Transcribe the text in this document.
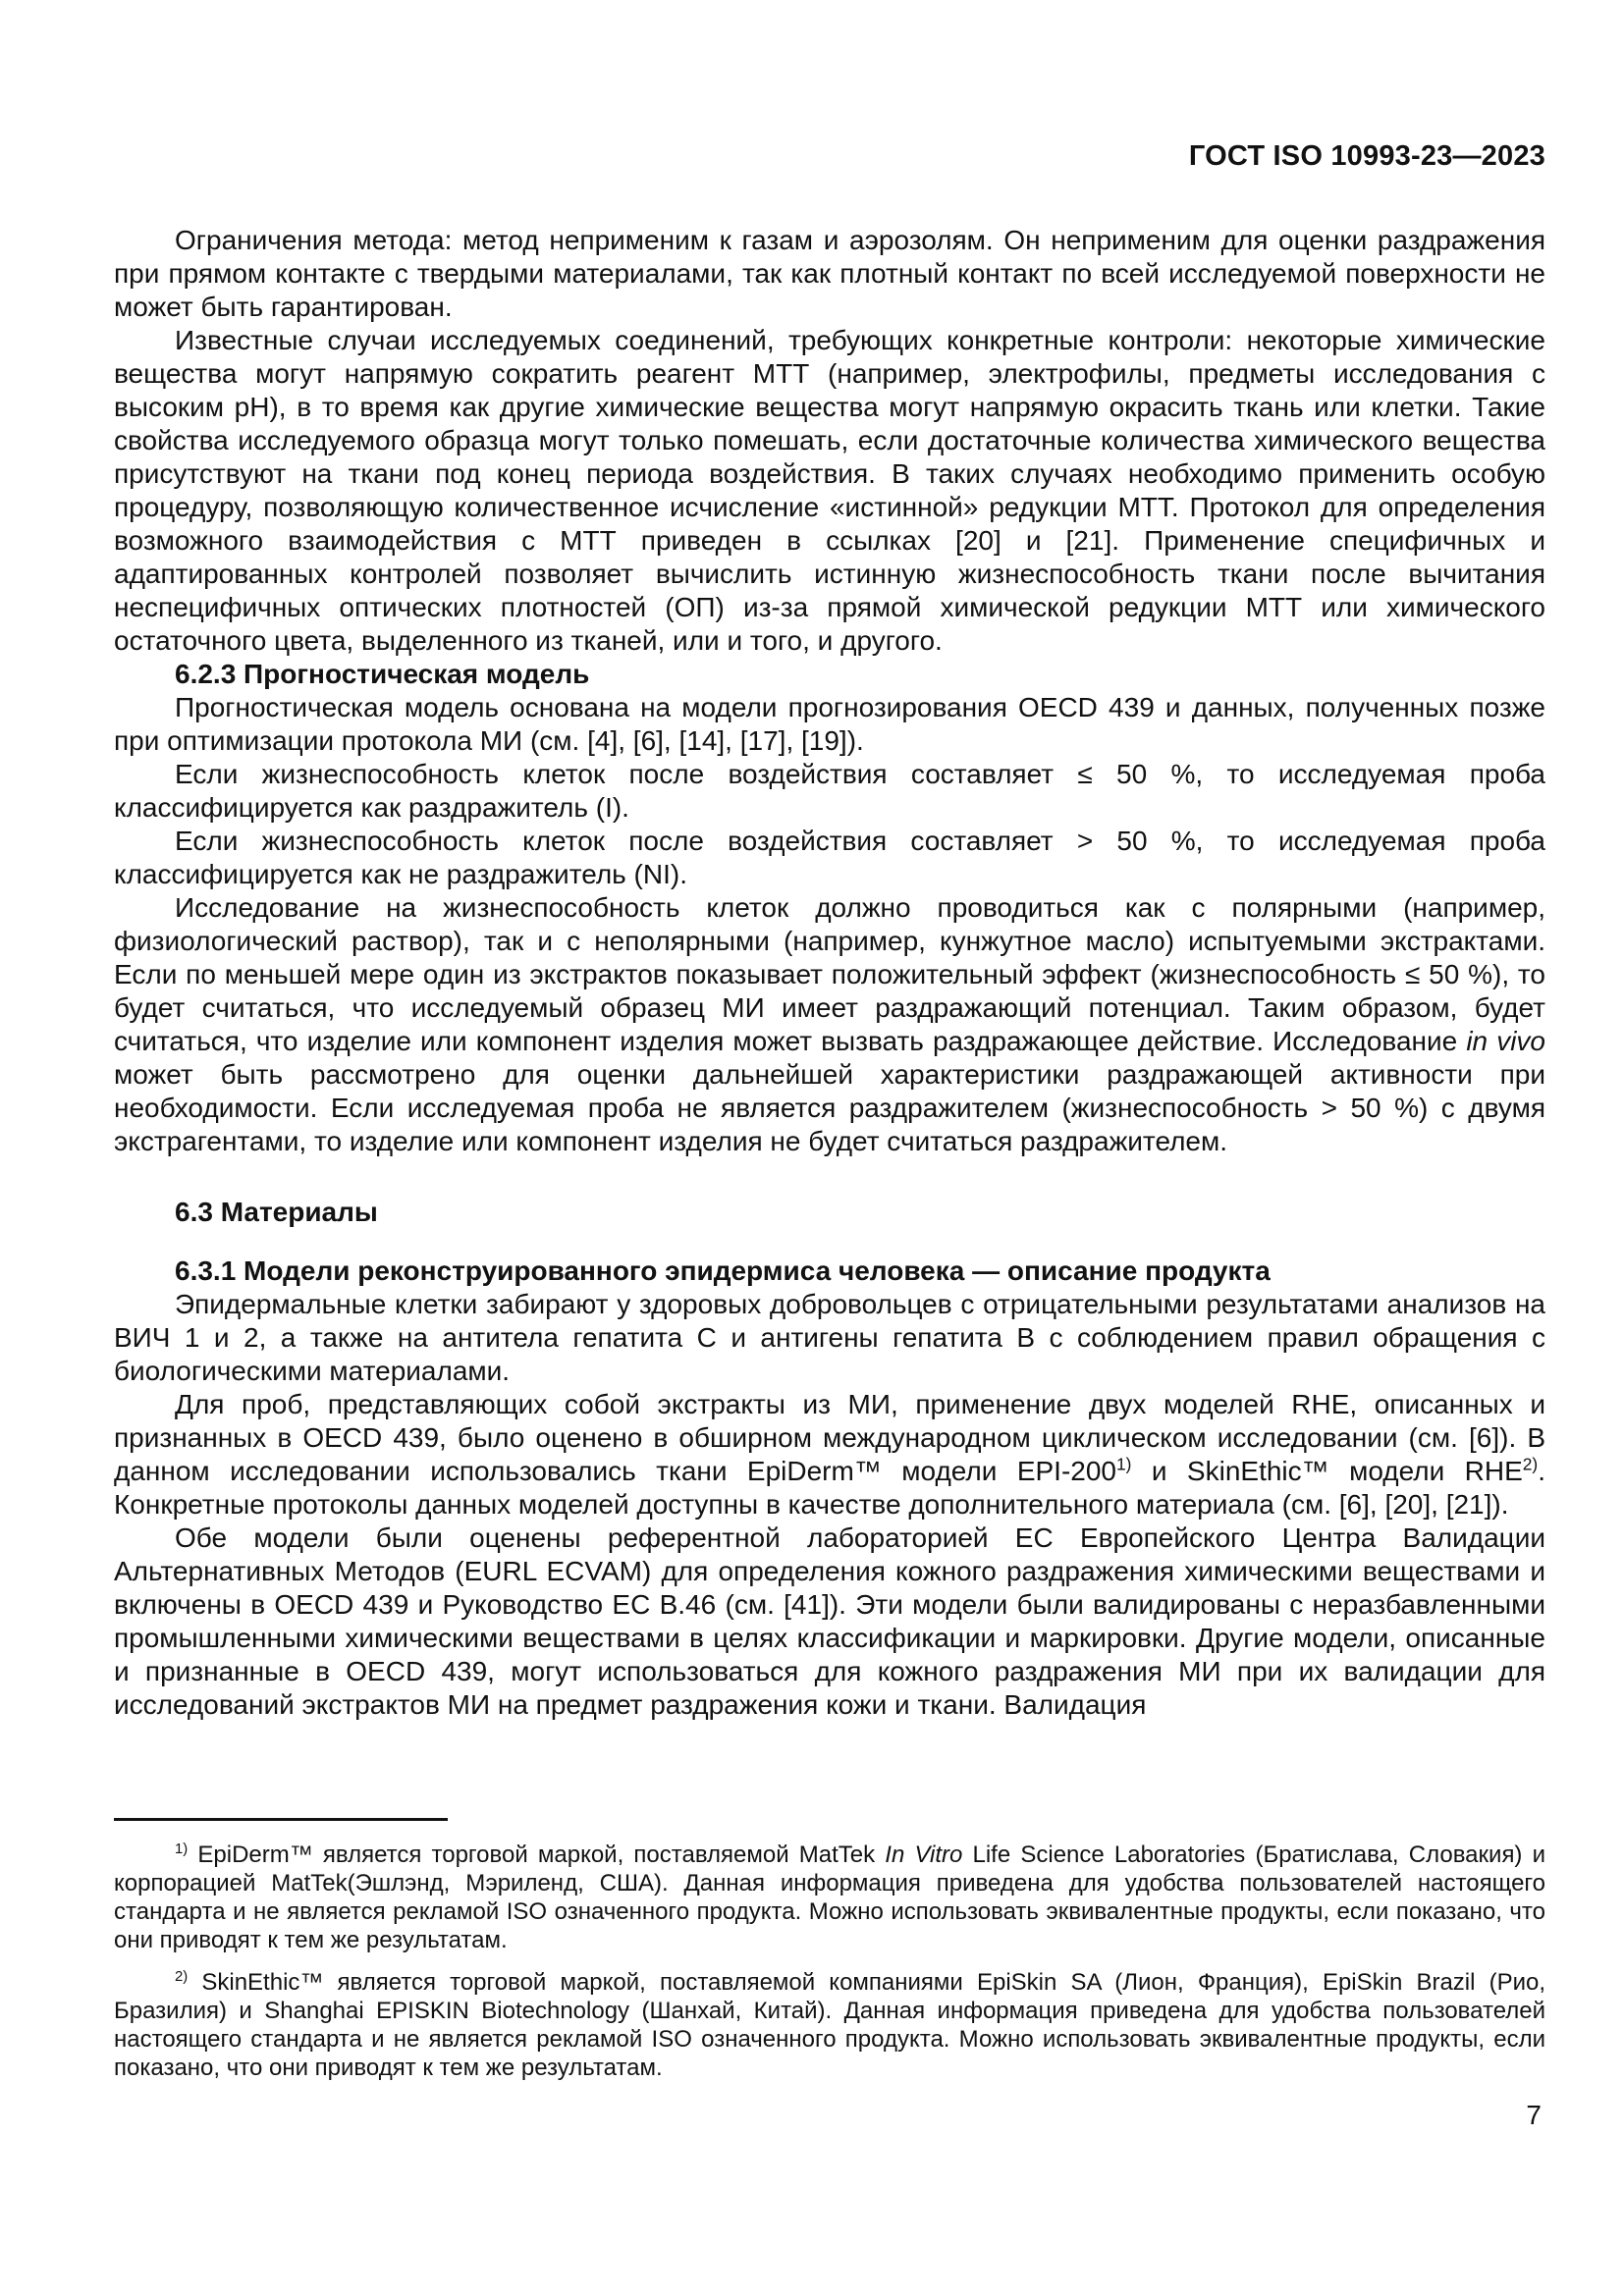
ГОСТ ISO 10993-23—2023

Ограничения метода: метод неприменим к газам и аэрозолям. Он неприменим для оценки раздражения при прямом контакте с твердыми материалами, так как плотный контакт по всей исследуемой поверхности не может быть гарантирован.

Известные случаи исследуемых соединений, требующих конкретные контроли: некоторые химические вещества могут напрямую сократить реагент МТТ (например, электрофилы, предметы исследования с высоким pH), в то время как другие химические вещества могут напрямую окрасить ткань или клетки. Такие свойства исследуемого образца могут только помешать, если достаточные количества химического вещества присутствуют на ткани под конец периода воздействия. В таких случаях необходимо применить особую процедуру, позволяющую количественное исчисление «истинной» редукции МТТ. Протокол для определения возможного взаимодействия с МТТ приведен в ссылках [20] и [21]. Применение специфичных и адаптированных контролей позволяет вычислить истинную жизнеспособность ткани после вычитания неспецифичных оптических плотностей (ОП) из-за прямой химической редукции МТТ или химического остаточного цвета, выделенного из тканей, или и того, и другого.

6.2.3 Прогностическая модель

Прогностическая модель основана на модели прогнозирования OECD 439 и данных, полученных позже при оптимизации протокола МИ (см. [4], [6], [14], [17], [19]).

Если жизнеспособность клеток после воздействия составляет ≤ 50 %, то исследуемая проба классифицируется как раздражитель (I).

Если жизнеспособность клеток после воздействия составляет > 50 %, то исследуемая проба классифицируется как не раздражитель (NI).

Исследование на жизнеспособность клеток должно проводиться как с полярными (например, физиологический раствор), так и с неполярными (например, кунжутное масло) испытуемыми экстрактами. Если по меньшей мере один из экстрактов показывает положительный эффект (жизнеспособность ≤ 50 %), то будет считаться, что исследуемый образец МИ имеет раздражающий потенциал. Таким образом, будет считаться, что изделие или компонент изделия может вызвать раздражающее действие. Исследование in vivo может быть рассмотрено для оценки дальнейшей характеристики раздражающей активности при необходимости. Если исследуемая проба не является раздражителем (жизнеспособность > 50 %) с двумя экстрагентами, то изделие или компонент изделия не будет считаться раздражителем.

6.3 Материалы

6.3.1 Модели реконструированного эпидермиса человека — описание продукта

Эпидермальные клетки забирают у здоровых добровольцев с отрицательными результатами анализов на ВИЧ 1 и 2, а также на антитела гепатита С и антигены гепатита В с соблюдением правил обращения с биологическими материалами.

Для проб, представляющих собой экстракты из МИ, применение двух моделей RHE, описанных и признанных в OECD 439, было оценено в обширном международном циклическом исследовании (см. [6]). В данном исследовании использовались ткани EpiDerm™ модели EPI-200$^{1)}$ и SkinEthic™ модели RHE$^{2)}$. Конкретные протоколы данных моделей доступны в качестве дополнительного материала (см. [6], [20], [21]).

Обе модели были оценены референтной лабораторией ЕС Европейского Центра Валидации Альтернативных Методов (EURL ECVAM) для определения кожного раздражения химическими веществами и включены в OECD 439 и Руководство ЕС В.46 (см. [41]). Эти модели были валидированы с неразбавленными промышленными химическими веществами в целях классификации и маркировки. Другие модели, описанные и признанные в OECD 439, могут использоваться для кожного раздражения МИ при их валидации для исследований экстрактов МИ на предмет раздражения кожи и ткани. Валидация

$^{1)}$ EpiDerm™ является торговой маркой, поставляемой MatTek In Vitro Life Science Laboratories (Братислава, Словакия) и корпорацией MatTek(Эшлэнд, Мэриленд, США). Данная информация приведена для удобства пользователей настоящего стандарта и не является рекламой ISO означенного продукта. Можно использовать эквивалентные продукты, если показано, что они приводят к тем же результатам.

$^{2)}$ SkinEthic™ является торговой маркой, поставляемой компаниями EpiSkin SA (Лион, Франция), EpiSkin Brazil (Рио, Бразилия) и Shanghai EPISKIN Biotechnology (Шанхай, Китай). Данная информация приведена для удобства пользователей настоящего стандарта и не является рекламой ISO означенного продукта. Можно использовать эквивалентные продукты, если показано, что они приводят к тем же результатам.

7
